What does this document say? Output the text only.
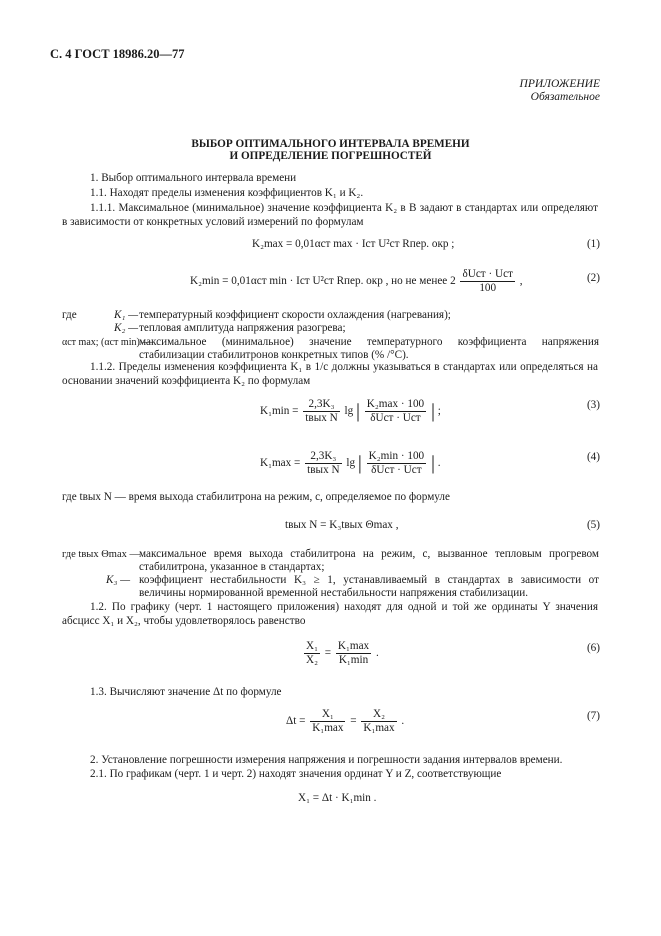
С. 4 ГОСТ 18986.20—77
ПРИЛОЖЕНИЕ
Обязательное
ВЫБОР ОПТИМАЛЬНОГО ИНТЕРВАЛА ВРЕМЕНИ
И ОПРЕДЕЛЕНИЕ ПОГРЕШНОСТЕЙ
1. Выбор оптимального интервала времени
1.1. Находят пределы изменения коэффициентов K₁ и K₂.
1.1.1. Максимальное (минимальное) значение коэффициента K₂ в В задают в стандартах или определяют в зависимости от конкретных условий измерений по формулам
K₂max = 0,01αст max · Iст U²ст Rпер. окр ;	(1)
K₂min = 0,01αст min · Iст U²ст Rпер. окр , но не менее $2 \frac{\text{δUст · Uст}}{100}$ ,	(2)
где	K₁ — температурный коэффициент скорости охлаждения (нагревания);
K₂ — тепловая амплитуда напряжения разогрева;
αст max; (αст min) —
максимальное (минимальное) значение температурного коэффициента напряжения стабилизации стабилитронов конкретных типов (% /°С).
1.1.2. Пределы изменения коэффициента K₁ в 1/с должны указываться в стандартах или определяться на основании значений коэффициента K₂ по формулам
$K_1\min = \frac{\text{2,3K₃}}{\text{tвых N}}$ lg | $\frac{\text{K₂max · 100}}{\text{δUст · Uст}}$ | ;
(3)
$K_1\max = \frac{\text{2,3K₃}}{\text{tвых N}}$ lg | $\frac{\text{K₂min · 100}}{\text{δUст · Uст}}$ | .
(4)
где tвых N — время выхода стабилитрона на режим, с, определяемое по формуле
tвых N = K₃tвых Θmax ,	(5)
где tвых Θmax —
максимальное время выхода стабилитрона на режим, с, вызванное тепловым прогревом стабилитрона, указанное в стандартах;
K₃ — коэффициент нестабильности K₃ ≥ 1, устанавливаемый в стандартах в зависимости от величины нормированной временной нестабильности напряжения стабилизации.
1.2. По графику (черт. 1 настоящего приложения) находят для одной и той же ординаты Y значения абсцисс X₁ и X₂, чтобы удовлетворялось равенство
$\frac{\text{X₁}}{\text{X₂}} = \frac{\text{K₁max}}{\text{K₁min}}$ .	(6)
1.3. Вычисляют значение Δt по формуле
$\Delta t = \frac{\text{X₁}}{\text{K₁max}} = \frac{\text{X₂}}{\text{K₁max}}$ .	(7)
2. Установление погрешности измерения напряжения и погрешности задания интервалов времени.
2.1. По графикам (черт. 1 и черт. 2) находят значения ординат Y и Z, соответствующие
X₁ = Δt · K₁min .
